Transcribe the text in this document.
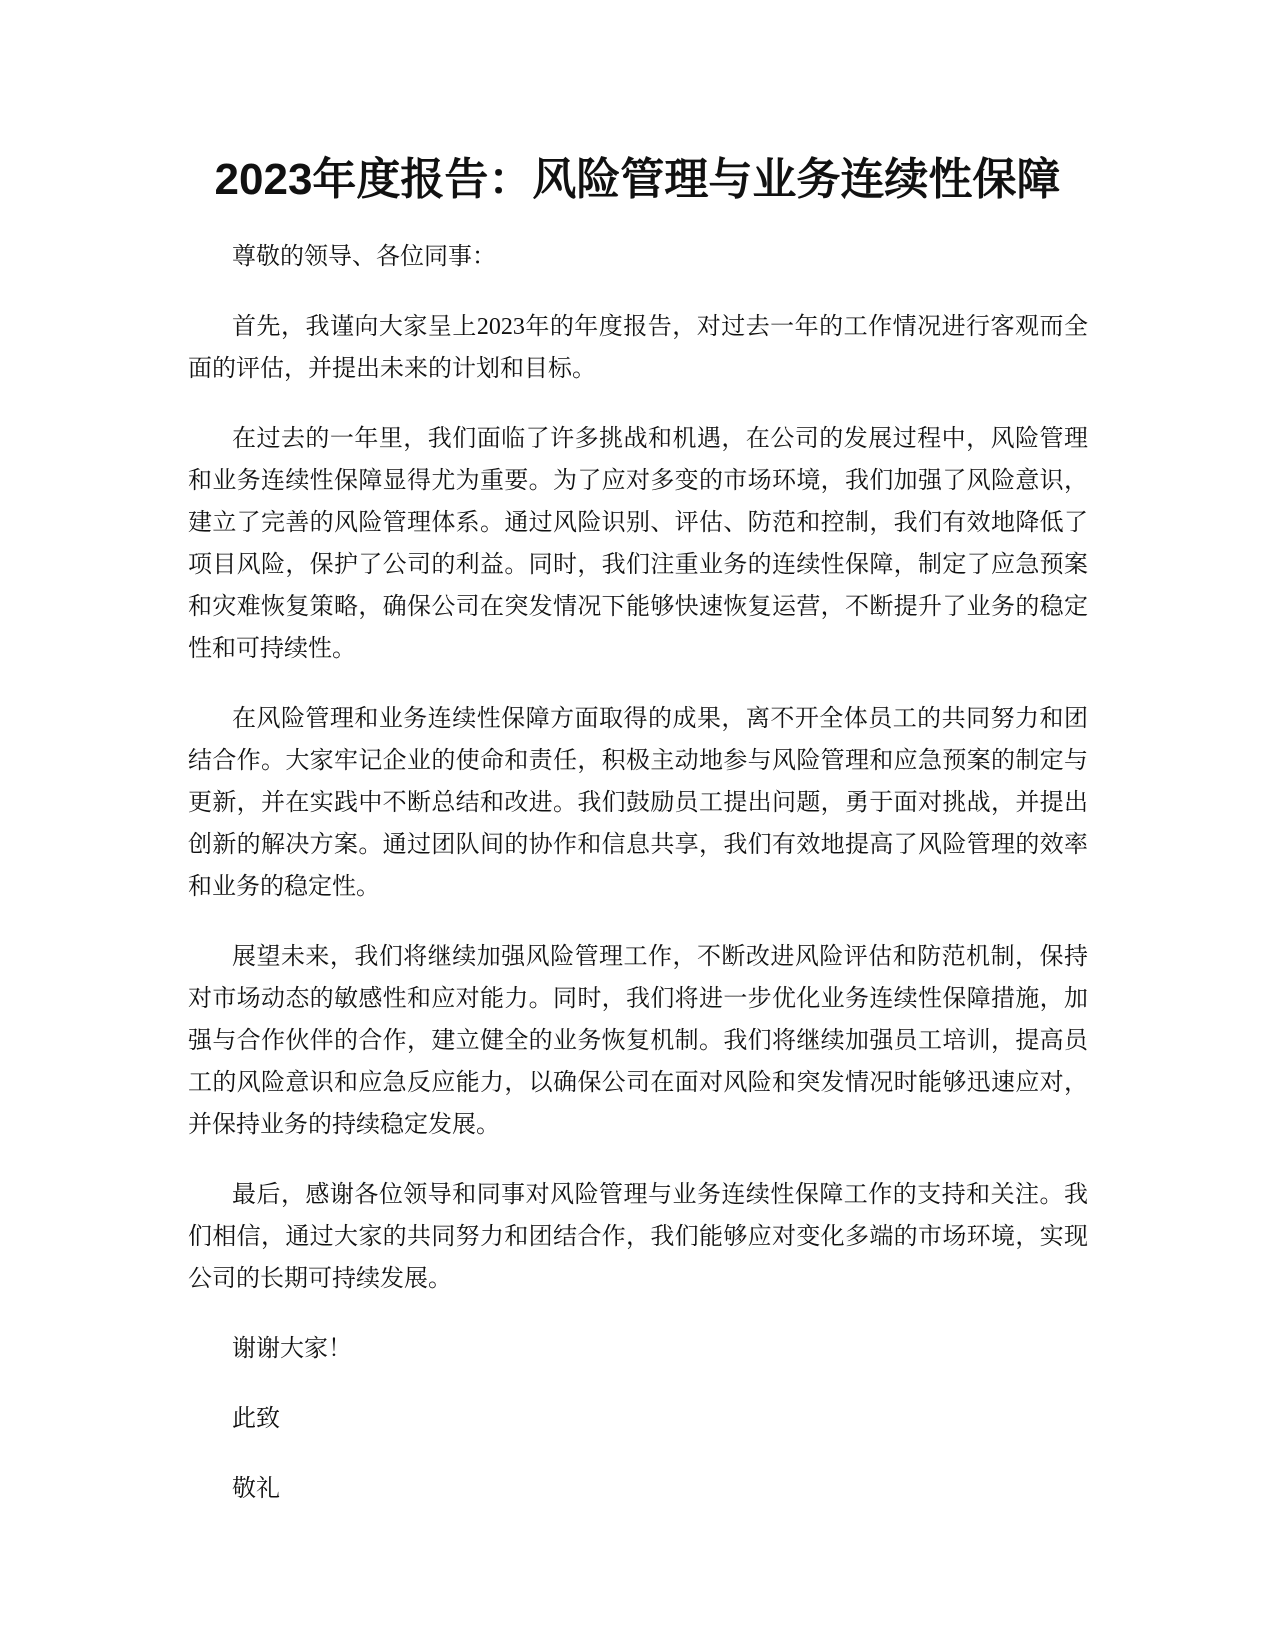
2023年度报告：风险管理与业务连续性保障

尊敬的领导、各位同事：

首先，我谨向大家呈上2023年的年度报告，对过去一年的工作情况进行客观而全面的评估，并提出未来的计划和目标。

在过去的一年里，我们面临了许多挑战和机遇，在公司的发展过程中，风险管理和业务连续性保障显得尤为重要。为了应对多变的市场环境，我们加强了风险意识，建立了完善的风险管理体系。通过风险识别、评估、防范和控制，我们有效地降低了项目风险，保护了公司的利益。同时，我们注重业务的连续性保障，制定了应急预案和灾难恢复策略，确保公司在突发情况下能够快速恢复运营，不断提升了业务的稳定性和可持续性。

在风险管理和业务连续性保障方面取得的成果，离不开全体员工的共同努力和团结合作。大家牢记企业的使命和责任，积极主动地参与风险管理和应急预案的制定与更新，并在实践中不断总结和改进。我们鼓励员工提出问题，勇于面对挑战，并提出创新的解决方案。通过团队间的协作和信息共享，我们有效地提高了风险管理的效率和业务的稳定性。

展望未来，我们将继续加强风险管理工作，不断改进风险评估和防范机制，保持对市场动态的敏感性和应对能力。同时，我们将进一步优化业务连续性保障措施，加强与合作伙伴的合作，建立健全的业务恢复机制。我们将继续加强员工培训，提高员工的风险意识和应急反应能力，以确保公司在面对风险和突发情况时能够迅速应对，并保持业务的持续稳定发展。

最后，感谢各位领导和同事对风险管理与业务连续性保障工作的支持和关注。我们相信，通过大家的共同努力和团结合作，我们能够应对变化多端的市场环境，实现公司的长期可持续发展。

谢谢大家！

此致

敬礼
